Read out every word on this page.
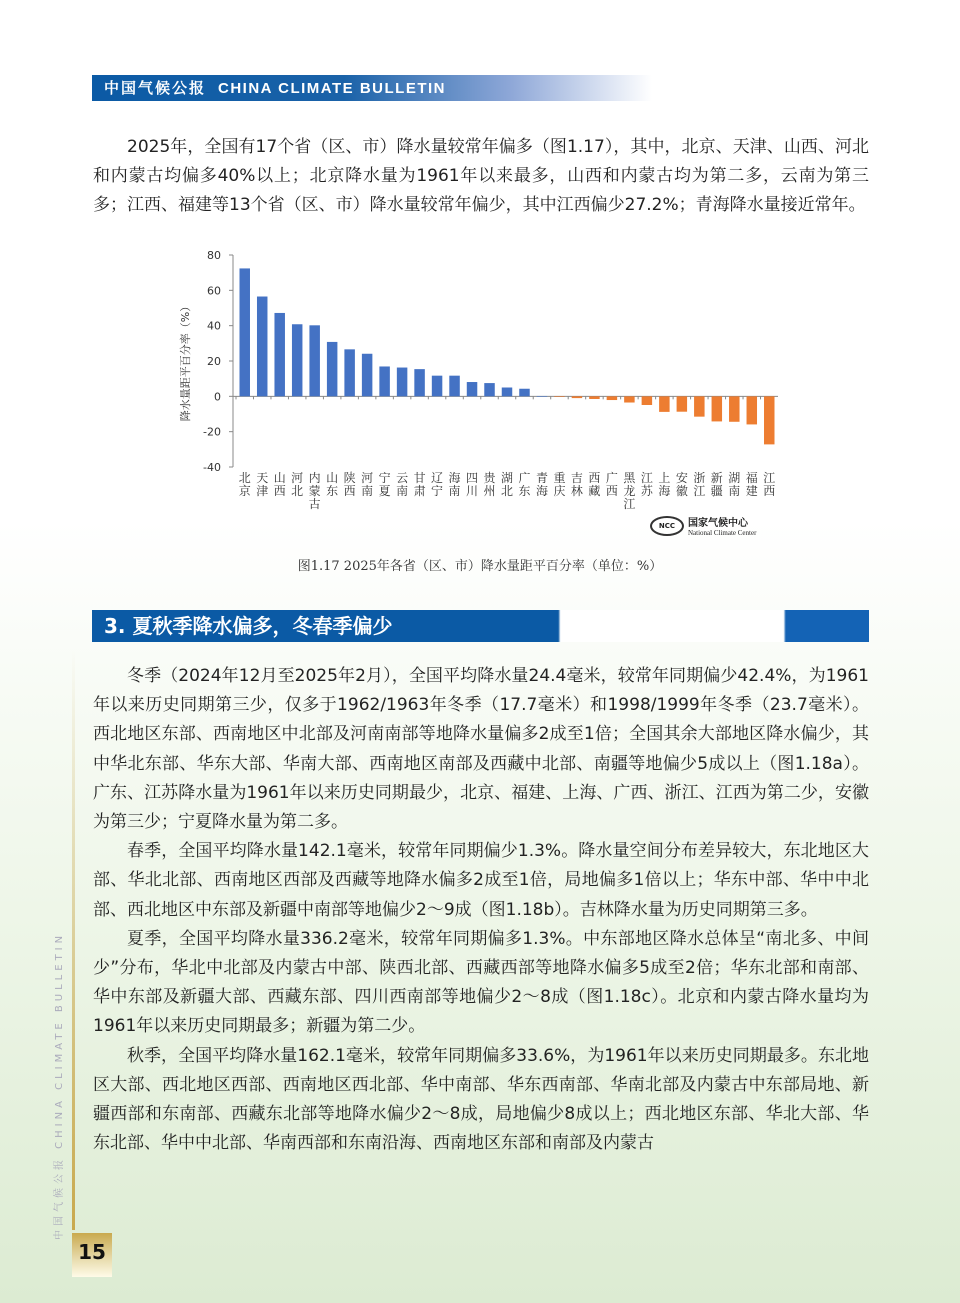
中国气候公报 CHINA CLIMATE BULLETIN

2025年，全国有17个省（区、市）降水量较常年偏多（图1.17），其中，北京、天津、山西、河北和内蒙古均偏多40%以上；北京降水量为1961年以来最多，山西和内蒙古均为第二多，云南为第三多；江西、福建等13个省（区、市）降水量较常年偏少，其中江西偏少27.2%；青海降水量接近常年。

80
60
40
20
0
-20
-40
降水量距平百分率（%）
北京
天津
山西
河北
内蒙古
山东
陕西
河南
宁夏
云南
甘肃
辽宁
海南
四川
贵州
湖北
广东
青海
重庆
吉林
西藏
广西
黑龙江
江苏
上海
安徽
浙江
新疆
湖南
福建
江西
NCC	国家气候中心
National Climate Center
图1.17 2025年各省（区、市）降水量距平百分率（单位：%）
3. 夏秋季降水偏多，冬春季偏少

冬季（2024年12月至2025年2月），全国平均降水量24.4毫米，较常年同期偏少42.4%，为1961年以来历史同期第三少，仅多于1962/1963年冬季（17.7毫米）和1998/1999年冬季（23.7毫米）。西北地区东部、西南地区中北部及河南南部等地降水量偏多2成至1倍；全国其余大部地区降水偏少，其中华北东部、华东大部、华南大部、西南地区南部及西藏中北部、南疆等地偏少5成以上（图1.18a）。广东、江苏降水量为1961年以来历史同期最少，北京、福建、上海、广西、浙江、江西为第二少，安徽为第三少；宁夏降水量为第二多。

春季，全国平均降水量142.1毫米，较常年同期偏少1.3%。降水量空间分布差异较大，东北地区大部、华北北部、西南地区西部及西藏等地降水偏多2成至1倍，局地偏多1倍以上；华东中部、华中中北部、西北地区中东部及新疆中南部等地偏少2～9成（图1.18b）。吉林降水量为历史同期第三多。

夏季，全国平均降水量336.2毫米，较常年同期偏多1.3%。中东部地区降水总体呈“南北多、中间少”分布，华北中北部及内蒙古中部、陕西北部、西藏西部等地降水偏多5成至2倍；华东北部和南部、华中东部及新疆大部、西藏东部、四川西南部等地偏少2～8成（图1.18c）。北京和内蒙古降水量均为1961年以来历史同期最多；新疆为第二少。

秋季，全国平均降水量162.1毫米，较常年同期偏多33.6%，为1961年以来历史同期最多。东北地区大部、西北地区西部、西南地区西北部、华中南部、华东西南部、华南北部及内蒙古中东部局地、新疆西部和东南部、西藏东北部等地降水偏少2～8成，局地偏少8成以上；西北地区东部、华北大部、华东北部、华中中北部、华南西部和东南沿海、西南地区东部和南部及内蒙古

中国气候公报 CHINA CLIMATE BULLETIN
15
